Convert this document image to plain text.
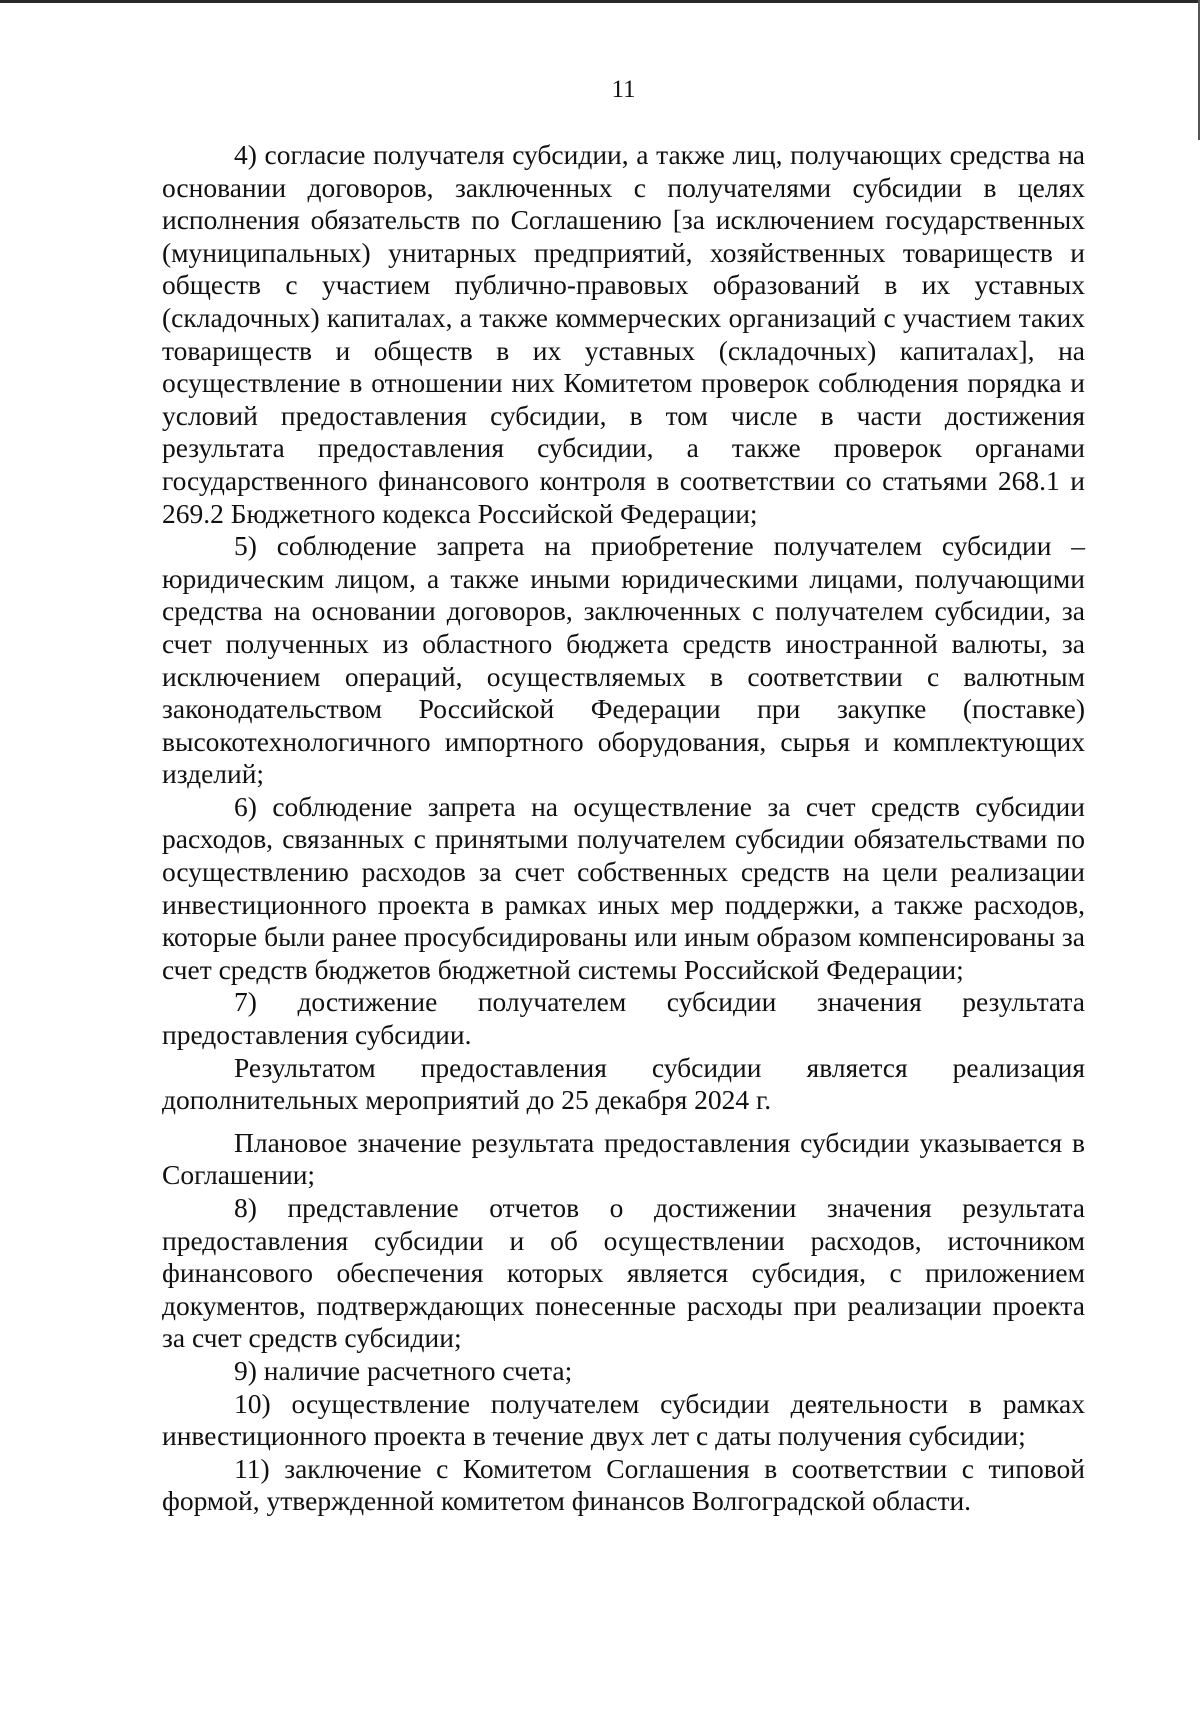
11

4) согласие получателя субсидии, а также лиц, получающих средства на основании договоров, заключенных с получателями субсидии в целях исполнения обязательств по Соглашению [за исключением государственных (муниципальных) унитарных предприятий, хозяйственных товариществ и обществ с участием публично-правовых образований в их уставных (складочных) капиталах, а также коммерческих организаций с участием таких товариществ и обществ в их уставных (складочных) капиталах], на осуществление в отношении них Комитетом проверок соблюдения порядка и условий предоставления субсидии, в том числе в части достижения результата предоставления субсидии, а также проверок органами государственного финансового контроля в соответствии со статьями 268.1 и 269.2 Бюджетного кодекса Российской Федерации;

5) соблюдение запрета на приобретение получателем субсидии – юридическим лицом, а также иными юридическими лицами, получающими средства на основании договоров, заключенных с получателем субсидии, за счет полученных из областного бюджета средств иностранной валюты, за исключением операций, осуществляемых в соответствии с валютным законодательством Российской Федерации при закупке (поставке) высокотехнологичного импортного оборудования, сырья и комплектующих изделий;

6) соблюдение запрета на осуществление за счет средств субсидии расходов, связанных с принятыми получателем субсидии обязательствами по осуществлению расходов за счет собственных средств на цели реализации инвестиционного проекта в рамках иных мер поддержки, а также расходов, которые были ранее просубсидированы или иным образом компенсированы за счет средств бюджетов бюджетной системы Российской Федерации;

7) достижение получателем субсидии значения результата предоставления субсидии.

Результатом предоставления субсидии является реализация дополнительных мероприятий до 25 декабря 2024 г.

Плановое значение результата предоставления субсидии указывается в Соглашении;

8) представление отчетов о достижении значения результата предоставления субсидии и об осуществлении расходов, источником финансового обеспечения которых является субсидия, с приложением документов, подтверждающих понесенные расходы при реализации проекта за счет средств субсидии;

9) наличие расчетного счета;

10) осуществление получателем субсидии деятельности в рамках инвестиционного проекта в течение двух лет с даты получения субсидии;

11) заключение с Комитетом Соглашения в соответствии с типовой формой, утвержденной комитетом финансов Волгоградской области.
